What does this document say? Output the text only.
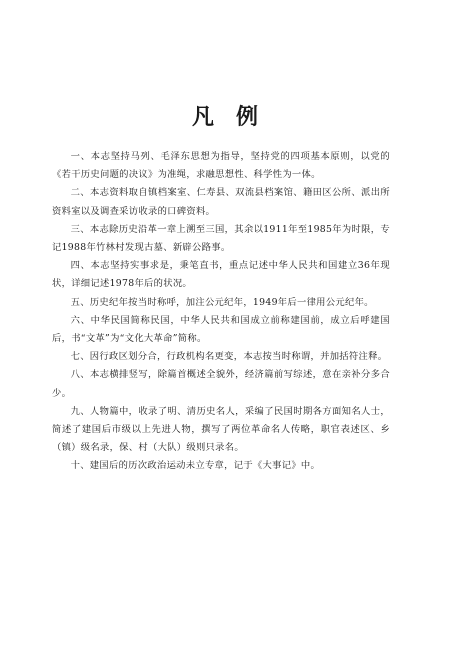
凡例

一、本志坚持马列、毛泽东思想为指导，坚持党的四项基本原则，以党的《若干历史问题的决议》为准绳，求融思想性、科学性为一体。

二、本志资料取自镇档案室、仁寿县、双流县档案馆、籍田区公所、派出所资料室以及调查采访收录的口碑资料。

三、本志除历史沿革一章上溯至三国，其余以1911年至1985年为时限，专记1988年竹林村发现古墓、新辟公路事。

四、本志坚持实事求是，秉笔直书，重点记述中华人民共和国建立36年现状，详细记述1978年后的状况。

五、历史纪年按当时称呼，加注公元纪年，1949年后一律用公元纪年。

六、中华民国简称民国，中华人民共和国成立前称建国前，成立后呼建国后，书“文革”为“文化大革命”简称。

七、因行政区划分合，行政机构名更变，本志按当时称谓，并加括符注释。

八、本志横排竖写，除篇首概述全貌外，经济篇前写综述，意在亲补分多合少。

九、人物篇中，收录了明、清历史名人，采编了民国时期各方面知名人士，简述了建国后市级以上先进人物，撰写了两位革命名人传略，职官表述区、乡（镇）级名录，保、村（大队）级则只录名。

十、建国后的历次政治运动未立专章，记于《大事记》中。
